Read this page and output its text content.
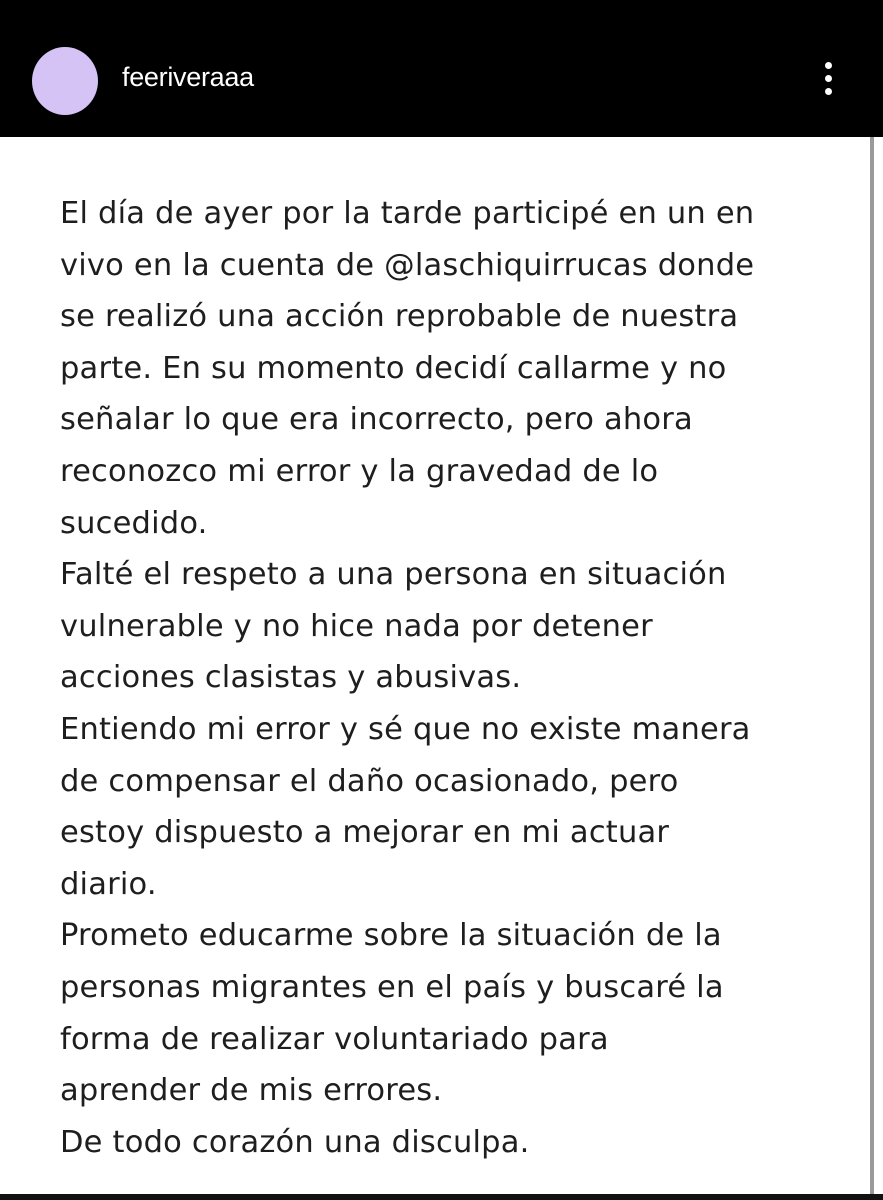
feeriveraaa
El día de ayer por la tarde participé en un en
vivo en la cuenta de @laschiquirrucas donde
se realizó una acción reprobable de nuestra
parte. En su momento decidí callarme y no
señalar lo que era incorrecto, pero ahora
reconozco mi error y la gravedad de lo
sucedido.
Falté el respeto a una persona en situación
vulnerable y no hice nada por detener
acciones clasistas y abusivas.
Entiendo mi error y sé que no existe manera
de compensar el daño ocasionado, pero
estoy dispuesto a mejorar en mi actuar
diario.
Prometo educarme sobre la situación de la
personas migrantes en el país y buscaré la
forma de realizar voluntariado para
aprender de mis errores.
De todo corazón una disculpa.
